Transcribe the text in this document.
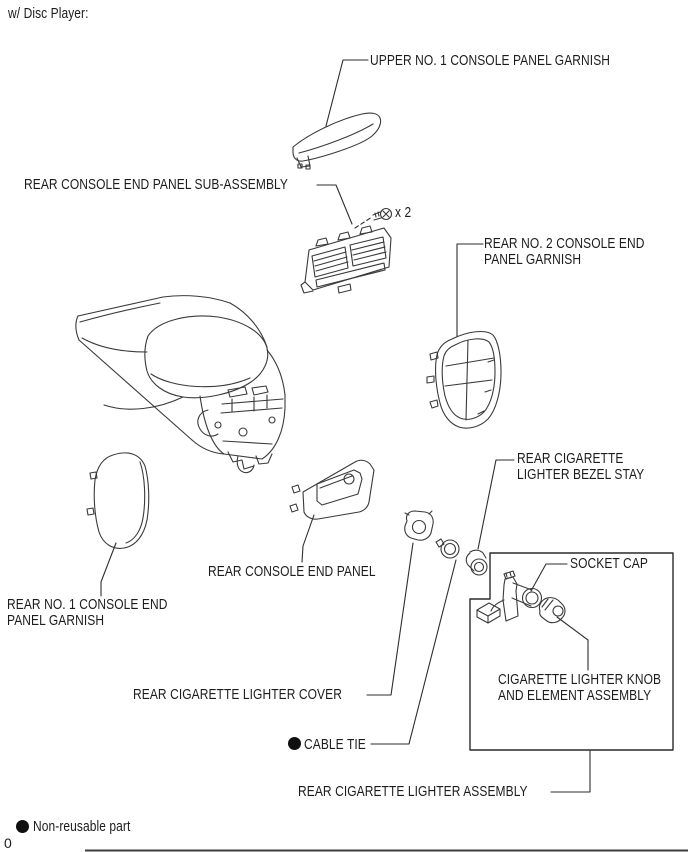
w/ Disc Player:
UPPER NO. 1 CONSOLE PANEL GARNISH
REAR CONSOLE END PANEL SUB-ASSEMBLY
x 2
REAR NO. 2 CONSOLE END
PANEL GARNISH
REAR CIGARETTE
LIGHTER BEZEL STAY
SOCKET CAP
REAR CONSOLE END PANEL
REAR NO. 1 CONSOLE END
PANEL GARNISH
CIGARETTE LIGHTER KNOB
AND ELEMENT ASSEMBLY
REAR CIGARETTE LIGHTER COVER
CABLE TIE
REAR CIGARETTE LIGHTER ASSEMBLY
Non-reusable part
0
